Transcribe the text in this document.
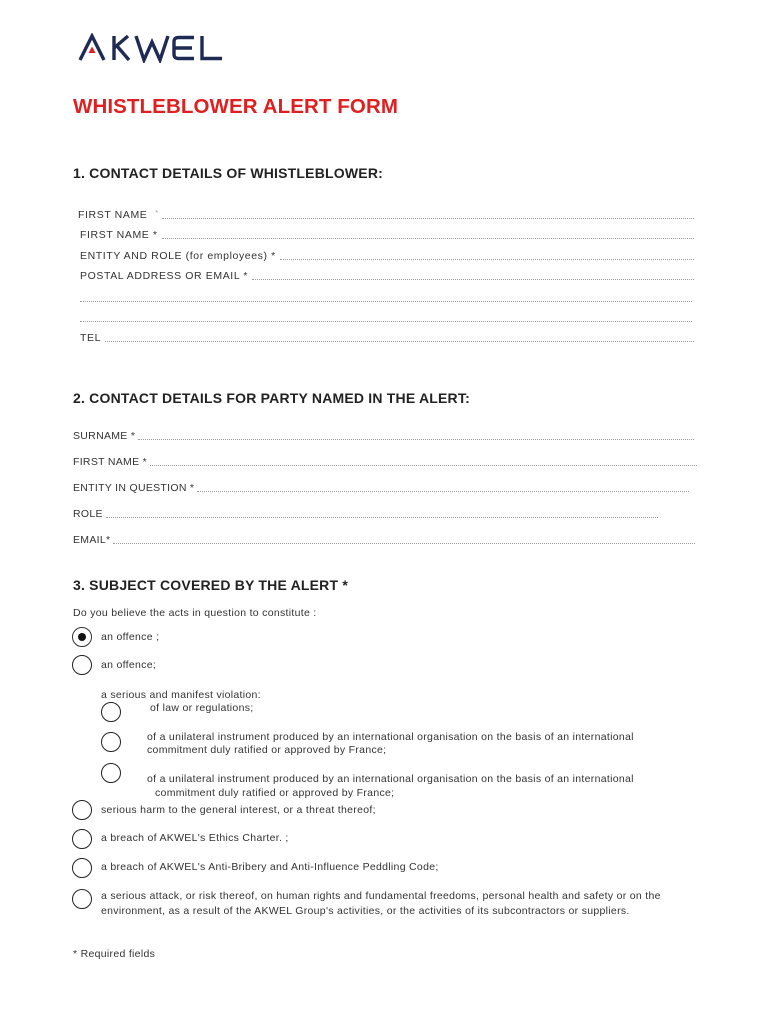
WHISTLEBLOWER ALERT FORM
1. CONTACT DETAILS OF WHISTLEBLOWER:
FIRST NAME	*
FIRST NAME *
ENTITY AND ROLE (for employees) *
POSTAL ADDRESS OR EMAIL *
TEL
2. CONTACT DETAILS FOR PARTY NAMED IN THE ALERT:
SURNAME *
FIRST NAME *
ENTITY IN QUESTION *
ROLE
EMAIL*
3. SUBJECT COVERED BY THE ALERT *
Do you believe the acts in question to constitute :
an offence ;
an offence;
a serious and manifest violation:
of law or regulations;
of a unilateral instrument produced by an international organisation on the basis of an international
commitment duly ratified or approved by France;
of a unilateral instrument produced by an international organisation on the basis of an international
commitment duly ratified or approved by France;
serious harm to the general interest, or a threat thereof;
a breach of AKWEL's Ethics Charter. ;
a breach of AKWEL's Anti-Bribery and Anti-Influence Peddling Code;
a serious attack, or risk thereof, on human rights and fundamental freedoms, personal health and safety or on the
environment, as a result of the AKWEL Group's activities, or the activities of its subcontractors or suppliers.
* Required fields
